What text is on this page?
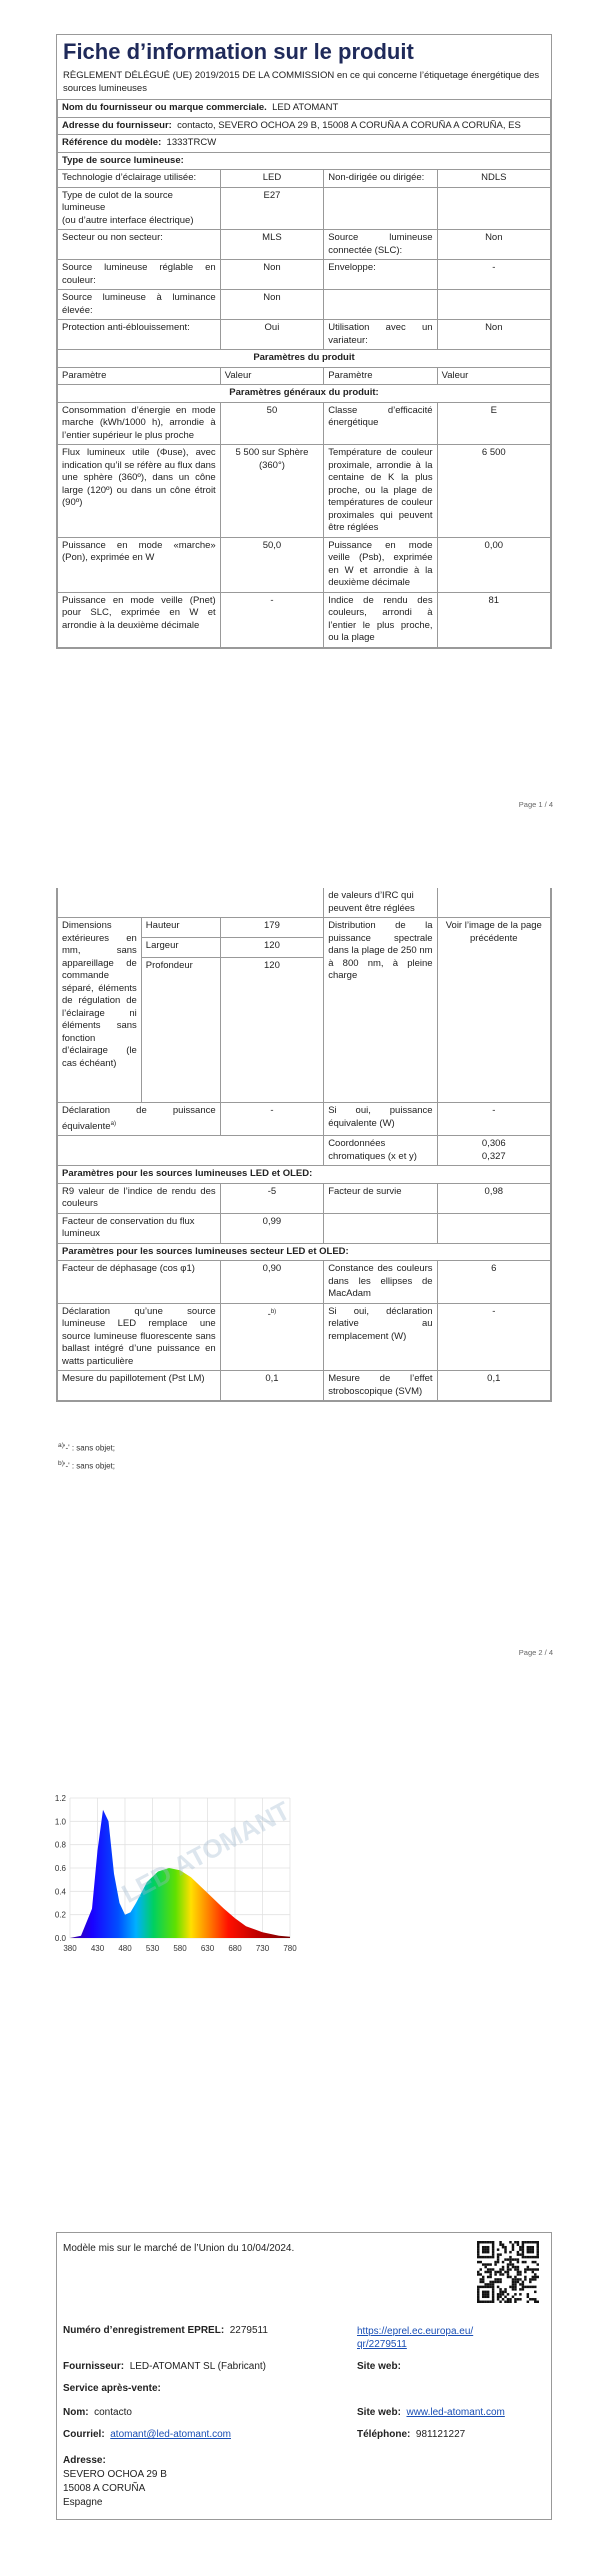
Fiche d’information sur le produit
RÈGLEMENT DÉLÉGUÉ (UE) 2019/2015 DE LA COMMISSION en ce qui concerne l’étiquetage énergétique des sources lumineuses
Nom du fournisseur ou marque commerciale. LED ATOMANT			
Adresse du fournisseur: contacto, SEVERO OCHOA 29 B, 15008 A CORUÑA A CORUÑA A CORUÑA, ES			
Référence du modèle: 1333TRCW			
Type de source lumineuse:			
Technologie d’éclairage utilisée:	LED	Non-dirigée ou dirigée:	NDLS
Type de culot de la source lumineuse
(ou d’autre interface électrique)	E27		
Secteur ou non secteur:	MLS	Source lumineuse connectée (SLC):	Non
Source lumineuse réglable en couleur:	Non	Enveloppe:	-
Source lumineuse à luminance élevée:	Non		
Protection anti-éblouissement:	Oui	Utilisation avec un variateur:	Non
Paramètres du produit			
Paramètre	Valeur	Paramètre	Valeur
Paramètres généraux du produit:			
Consommation d’énergie en mode marche (kWh/1000 h), arrondie à l’entier supérieur le plus proche	50	Classe d’efficacité énergétique	E
Flux lumineux utile (Φuse), avec indication qu’il se réfère au flux dans une sphère (360º), dans un cône large (120º) ou dans un cône étroit (90º)	5 500 sur Sphère (360°)	Température de couleur proximale, arrondie à la centaine de K la plus proche, ou la plage de températures de couleur proximales qui peuvent être réglées	6 500
Puissance en mode «marche» (Pon), exprimée en W	50,0	Puissance en mode veille (Psb), exprimée en W et arrondie à la deuxième décimale	0,00
Puissance en mode veille (Pnet) pour SLC, exprimée en W et arrondie à la deuxième décimale	-	Indice de rendu des couleurs, arrondi à l’entier le plus proche, ou la plage	81
Page 1 / 4
			de valeurs d’IRC qui peuvent être réglées	
Dimensions extérieures en mm, sans appareillage de commande séparé, éléments de régulation de l’éclairage ni éléments sans fonction d’éclairage (le cas échéant)	Hauteur	179	Distribution de la puissance spectrale dans la plage de 250 nm à 800 nm, à pleine charge	Voir l’image de la page précédente
	Largeur	120		
	Profondeur	120		
Déclaration de puissance équivalente$^{a)}$		-	Si oui, puissance équivalente (W)	-
			Coordonnées chromatiques (x et y)	0,306
0,327

Paramètres pour les sources lumineuses LED et OLED:				
R9 valeur de l’indice de rendu des couleurs		-5	Facteur de survie	0,98
Facteur de conservation du flux lumineux		0,99		
Paramètres pour les sources lumineuses secteur LED et OLED:				
Facteur de déphasage (cos φ1)		0,90	Constance des couleurs dans les ellipses de MacAdam	6
Déclaration qu’une source lumineuse LED remplace une source lumineuse fluorescente sans ballast intégré d’une puissance en watts particulière		-$^{b)}$	Si oui, déclaration relative au remplacement (W)	-
Mesure du papillotement (Pst LM)		0,1	Mesure de l’effet stroboscopique (SVM)	0,1
$^{a)}$'-' : sans objet;
$^{b)}$'-' : sans objet;
Page 2 / 4
LED ATOMANT
380 430 480 530 580 630 680 730 780
0.0
0.2
0.4
0.6
0.8
1.0
1.2
Modèle mis sur le marché de l’Union du 10/04/2024.
Numéro d’enregistrement EPREL: 2279511	https://eprel.ec.europa.eu/qr/2279511
Fournisseur: LED-ATOMANT SL (Fabricant)	Site web:
Service après-vente:
Nom: contacto	Site web: www.led-atomant.com
Courriel: atomant@led-atomant.com	Téléphone: 981121227
Adresse:
SEVERO OCHOA 29 B
15008 A CORUÑA
Espagne
